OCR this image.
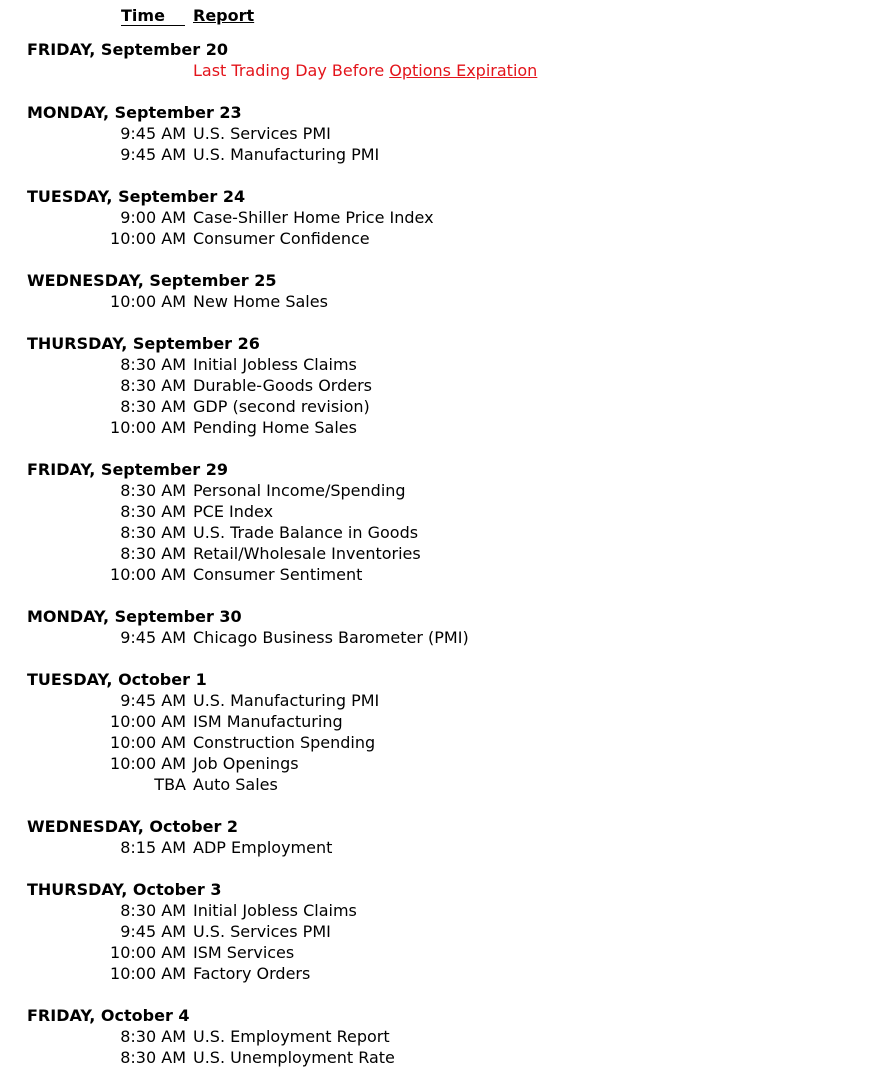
Time	Report
FRIDAY, September 20
Last Trading Day Before Options Expiration
MONDAY, September 23
9:45 AM U.S. Services PMI
9:45 AM U.S. Manufacturing PMI
TUESDAY, September 24
9:00 AM Case-Shiller Home Price Index
10:00 AM Consumer Confidence
WEDNESDAY, September 25
10:00 AM New Home Sales
THURSDAY, September 26
8:30 AM Initial Jobless Claims
8:30 AM Durable-Goods Orders
8:30 AM GDP (second revision)
10:00 AM Pending Home Sales
FRIDAY, September 29
8:30 AM Personal Income/Spending
8:30 AM PCE Index
8:30 AM U.S. Trade Balance in Goods
8:30 AM Retail/Wholesale Inventories
10:00 AM Consumer Sentiment
MONDAY, September 30
9:45 AM Chicago Business Barometer (PMI)
TUESDAY, October 1
9:45 AM U.S. Manufacturing PMI
10:00 AM ISM Manufacturing
10:00 AM Construction Spending
10:00 AM Job Openings
TBA Auto Sales
WEDNESDAY, October 2
8:15 AM ADP Employment
THURSDAY, October 3
8:30 AM Initial Jobless Claims
9:45 AM U.S. Services PMI
10:00 AM ISM Services
10:00 AM Factory Orders
FRIDAY, October 4
8:30 AM U.S. Employment Report
8:30 AM U.S. Unemployment Rate
